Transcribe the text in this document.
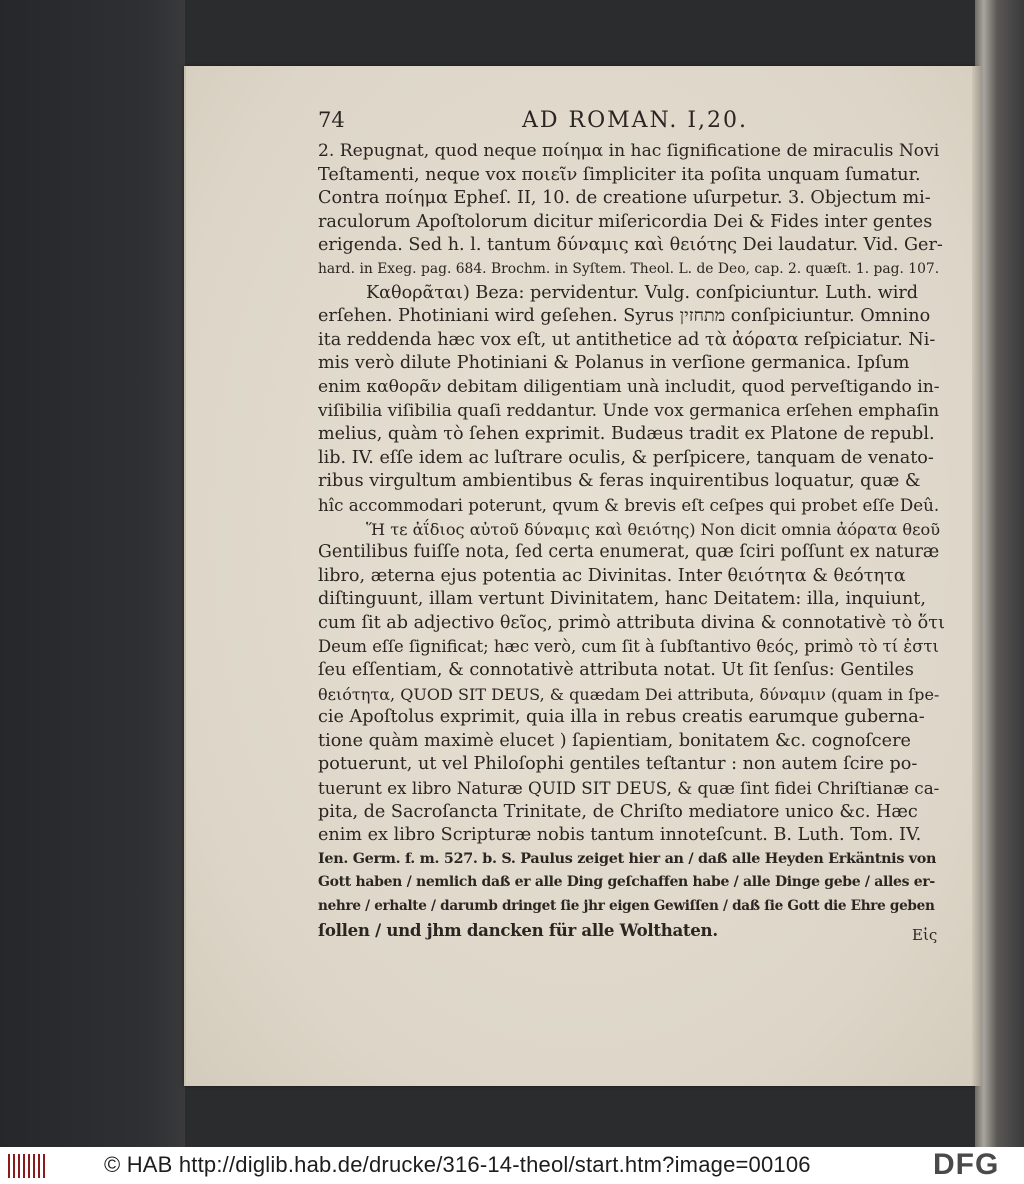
74	AD ROMAN. I,20.
2. Repugnat, quod neque ποίημα in hac ſignificatione de miraculis Novi
Teſtamenti, neque vox ποιεῖν ſimpliciter ita poſita unquam ſumatur.
Contra ποίημα Epheſ. II, 10. de creatione uſurpetur. 3. Objectum mi-
raculorum Apoſtolorum dicitur miſericordia Dei & Fides inter gentes
erigenda. Sed h. l. tantum δύναμις καὶ θειότης Dei laudatur. Vid. Ger-
hard. in Exeg. pag. 684. Brochm. in Syſtem. Theol. L. de Deo, cap. 2. quæſt. 1. pag. 107.
Καθορᾶται) Beza: pervidentur. Vulg. conſpiciuntur. Luth. wird
erſehen. Photiniani wird geſehen. Syrus מתחזין conſpiciuntur. Omnino
ita reddenda hæc vox eſt, ut antithetice ad τὰ ἀόρατα reſpiciatur. Ni-
mis verò dilute Photiniani & Polanus in verſione germanica. Ipſum
enim καθορᾶν debitam diligentiam unà includit, quod perveſtigando in-
viſibilia viſibilia quaſi reddantur. Unde vox germanica erſehen emphaſin
melius, quàm τὸ ſehen exprimit. Budæus tradit ex Platone de republ.
lib. IV. eſſe idem ac luſtrare oculis, & perſpicere, tanquam de venato-
ribus virgultum ambientibus & feras inquirentibus loquatur, quæ &
hîc accommodari poterunt, qvum & brevis eſt ceſpes qui probet eſſe Deû.
Ἥ τε ἀΐδιος αὐτοῦ δύναμις καὶ θειότης) Non dicit omnia ἀόρατα θεοῦ
Gentilibus fuiſſe nota, ſed certa enumerat, quæ ſciri poſſunt ex naturæ
libro, æterna ejus potentia ac Divinitas. Inter θειότητα & θεότητα
diſtinguunt, illam vertunt Divinitatem, hanc Deitatem: illa, inquiunt,
cum ſit ab adjectivo θεῖος, primò attributa divina & connotativè τὸ ὅτι
Deum eſſe ſignificat; hæc verò, cum ſit à ſubſtantivo θεός, primò τὸ τί ἐστι
ſeu eſſentiam, & connotativè attributa notat. Ut ſit ſenſus: Gentiles
θειότητα, QUOD SIT DEUS, & quædam Dei attributa, δύναμιν (quam in ſpe-
cie Apoſtolus exprimit, quia illa in rebus creatis earumque guberna-
tione quàm maximè elucet ) ſapientiam, bonitatem &c. cognoſcere
potuerunt, ut vel Philoſophi gentiles teſtantur : non autem ſcire po-
tuerunt ex libro Naturæ QUID SIT DEUS, & quæ ſint fidei Chriſtianæ ca-
pita, de Sacroſancta Trinitate, de Chriſto mediatore unico &c. Hæc
enim ex libro Scripturæ nobis tantum innoteſcunt. B. Luth. Tom. IV.
Ien. Germ. f. m. 527. b. S. Paulus zeiget hier an / daß alle Heyden Erkäntnis von
Gott haben / nemlich daß er alle Ding geſchaffen habe / alle Dinge gebe / alles er-
nehre / erhalte / darumb dringet ſie jhr eigen Gewiſſen / daß ſie Gott die Ehre geben
ſollen / und jhm dancken für alle Wolthaten.	Εἰς
© HAB http://diglib.hab.de/drucke/316-14-theol/start.htm?image=00106	DFG
